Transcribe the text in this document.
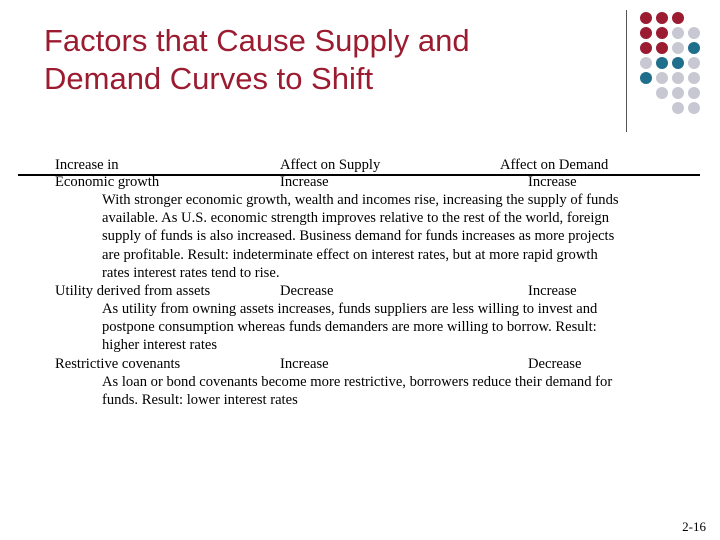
Factors that Cause Supply and
Demand Curves to Shift
Increase in	Affect on Supply	Affect on Demand
Economic growth	Increase	Increase
With stronger economic growth, wealth and incomes rise, increasing the supply of funds
available. As U.S. economic strength improves relative to the rest of the world, foreign
supply of funds is also increased. Business demand for funds increases as more projects
are profitable. Result: indeterminate effect on interest rates, but at more rapid growth
rates interest rates tend to rise.
Utility derived from assets	Decrease	Increase
As utility from owning assets increases, funds suppliers are less willing to invest and
postpone consumption whereas funds demanders are more willing to borrow. Result:
higher interest rates
Restrictive covenants	Increase	Decrease
As loan or bond covenants become more restrictive, borrowers reduce their demand for
funds. Result: lower interest rates
2-16
